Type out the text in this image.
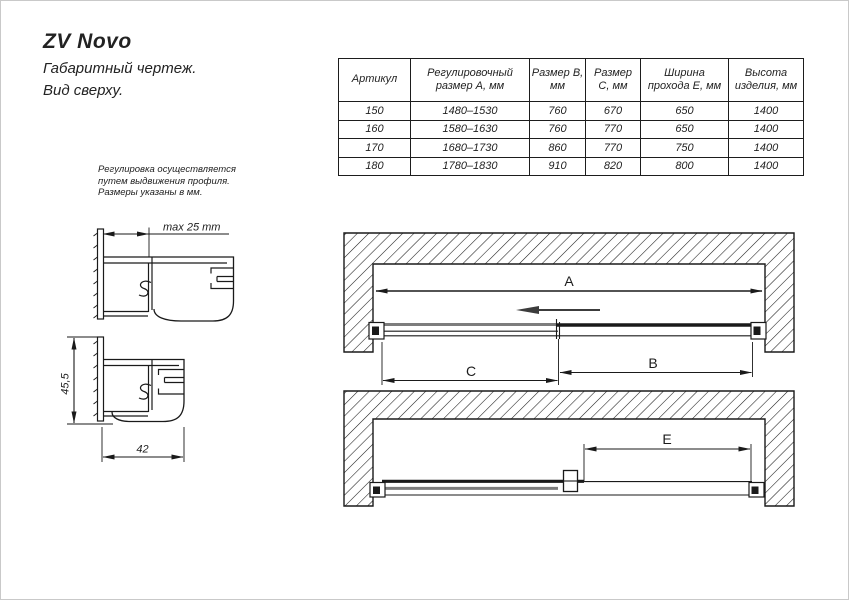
ZV Novo
Габаритный чертеж.
Вид сверху.
Регулировка осуществляется
путем выдвижения профиля.
Размеры указаны в мм.
Артикул	Регулировочный размер A, мм	Размер B, мм	Размер C, мм	Ширина прохода E, мм	Высота изделия, мм
150	1480–1530	760	670	650	1400
160	1580–1630	760	770	650	1400
170	1680–1730	860	770	750	1400
180	1780–1830	910	820	800	1400
max 25 mm
45,5
42
A
C	B
E
